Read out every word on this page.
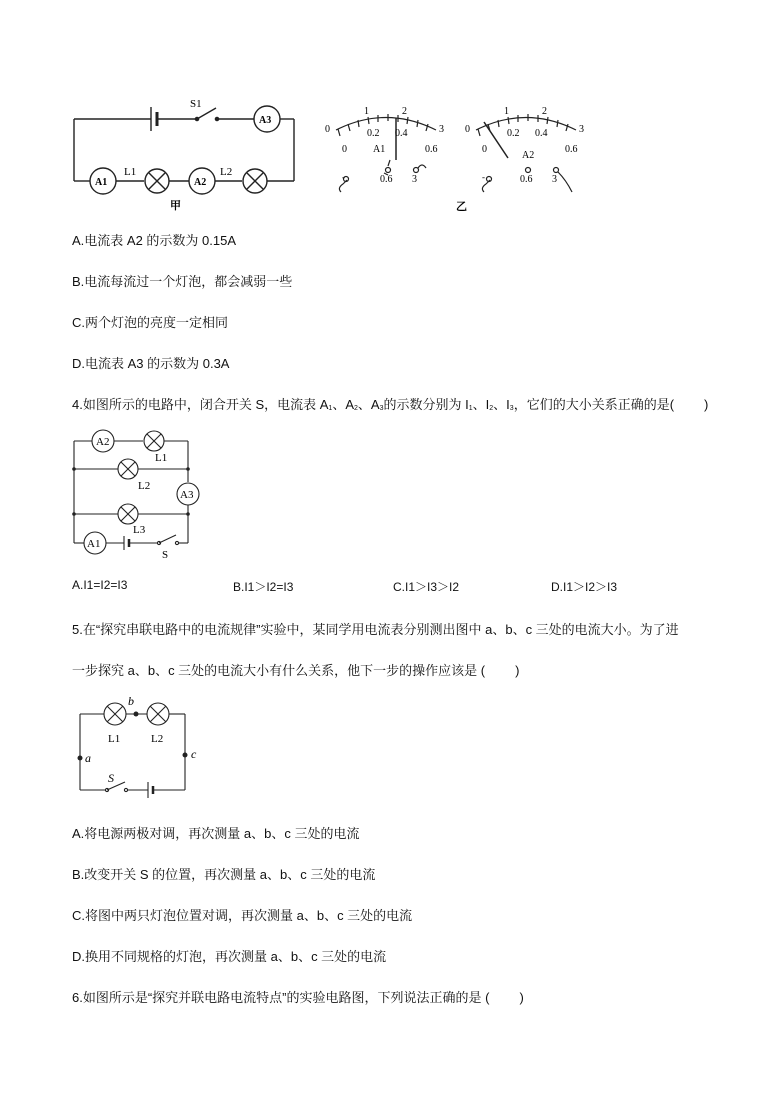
S1
A3
A1	A2
L1	L2
甲
0
1	2
3
0
0.2 0.4
0.6
A1
-	0.6 3
0
1	2
3
0
0.2 0.4
0.6
A2
-	0.6 3
乙
A.电流表 A2 的示数为 0.15A
B.电流每流过一个灯泡，都会减弱一些
C.两个灯泡的亮度一定相同
D.电流表 A3 的示数为 0.3A
4.如图所示的电路中，闭合开关 S，电流表 A1、A2、A3的示数分别为 I1、I2、I3，它们的大小关系正确的是( )
A2
A3
A1
L1
L2
L3
S
A.I1=I2=I3	B.I1＞I2=I3	C.I1＞I3＞I2	D.I1＞I2＞I3
5.在“探究串联电路中的电流规律”实验中，某同学用电流表分别测出图中 a、b、c 三处的电流大小。为了进
一步探究 a、b、c 三处的电流大小有什么关系，他下一步的操作应该是 ( )
b
a	c
L1	L2
S
A.将电源两极对调，再次测量 a、b、c 三处的电流
B.改变开关 S 的位置，再次测量 a、b、c 三处的电流
C.将图中两只灯泡位置对调，再次测量 a、b、c 三处的电流
D.换用不同规格的灯泡，再次测量 a、b、c 三处的电流
6.如图所示是“探究并联电路电流特点”的实验电路图，下列说法正确的是 ( )
